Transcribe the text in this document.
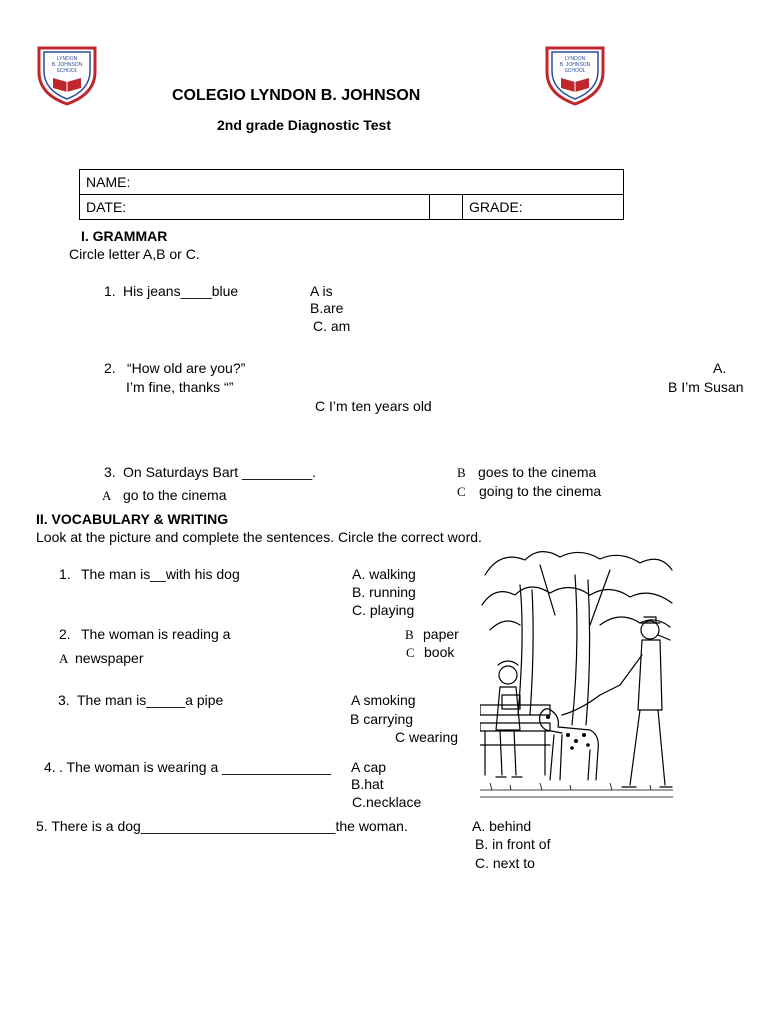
LYNDON
B. JOHNSON
SCHOOL
LYNDON
B. JOHNSON
SCHOOL
COLEGIO LYNDON B. JOHNSON
2nd grade Diagnostic Test
NAME:
DATE:		GRADE:
I. GRAMMAR
Circle letter A,B or C.
1. His jeans____blue	A is
B.are
C. am
2. “How old are you?”	A.
I’m fine, thanks “”	B I’m Susan
C I’m ten years old
3. On Saturdays Bart _________.	B goes to the cinema
C going to the cinema
A go to the cinema
II. VOCABULARY & WRITING
Look at the picture and complete the sentences. Circle the correct word.
1. The man is__with his dog	A. walking
B. running
C. playing
2. The woman is reading a	B paper
C book
A newspaper
3. The man is_____a pipe	A smoking
B carrying
C wearing
4. . The woman is wearing a ______________ A cap
B.hat
C.necklace
5. There is a dog_________________________the woman.	A. behind
B. in front of
C. next to
